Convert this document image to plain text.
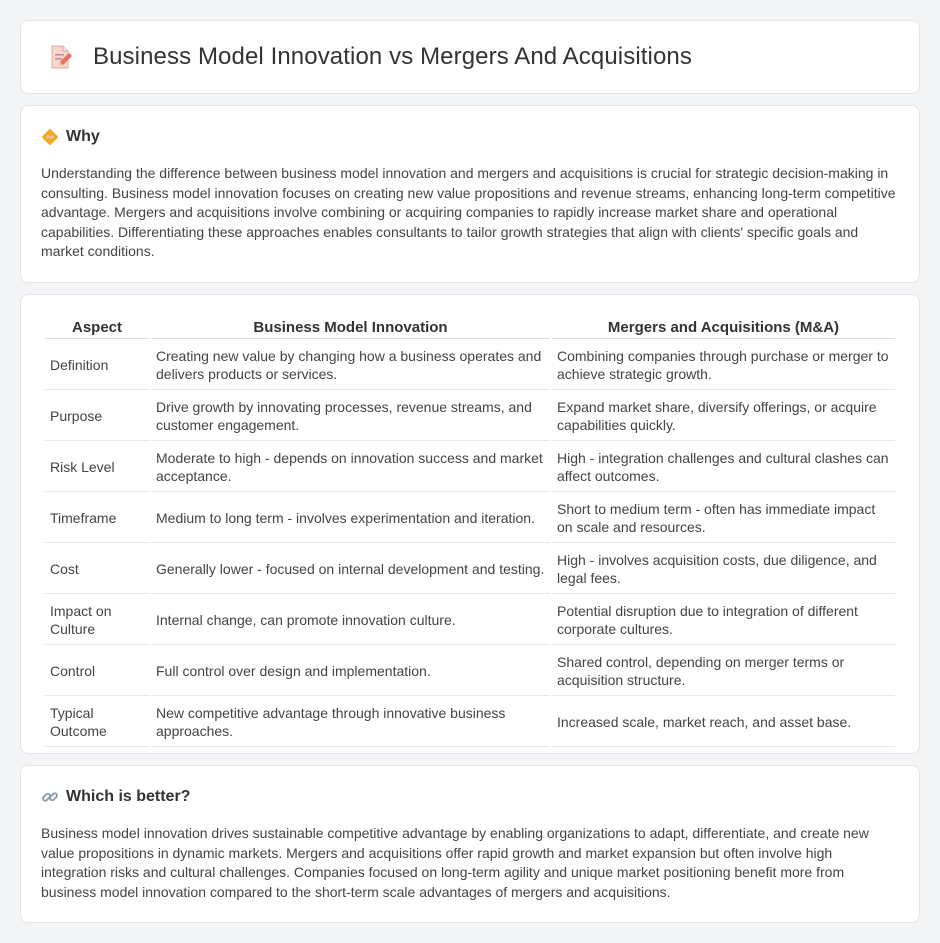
Business Model Innovation vs Mergers And Acquisitions
Why

Understanding the difference between business model innovation and mergers and acquisitions is crucial for strategic decision-making in consulting. Business model innovation focuses on creating new value propositions and revenue streams, enhancing long-term competitive advantage. Mergers and acquisitions involve combining or acquiring companies to rapidly increase market share and operational capabilities. Differentiating these approaches enables consultants to tailor growth strategies that align with clients' specific goals and market conditions.

Aspect	Business Model Innovation	Mergers and Acquisitions (M&A)
Definition	Creating new value by changing how a business operates and delivers products or services.	Combining companies through purchase or merger to achieve strategic growth.
Purpose	Drive growth by innovating processes, revenue streams, and customer engagement.	Expand market share, diversify offerings, or acquire capabilities quickly.
Risk Level	Moderate to high - depends on innovation success and market acceptance.	High - integration challenges and cultural clashes can affect outcomes.
Timeframe	Medium to long term - involves experimentation and iteration.	Short to medium term - often has immediate impact on scale and resources.
Cost	Generally lower - focused on internal development and testing.	High - involves acquisition costs, due diligence, and legal fees.
Impact on Culture	Internal change, can promote innovation culture.	Potential disruption due to integration of different corporate cultures.
Control	Full control over design and implementation.	Shared control, depending on merger terms or acquisition structure.
Typical Outcome	New competitive advantage through innovative business approaches.	Increased scale, market reach, and asset base.
Which is better?

Business model innovation drives sustainable competitive advantage by enabling organizations to adapt, differentiate, and create new value propositions in dynamic markets. Mergers and acquisitions offer rapid growth and market expansion but often involve high integration risks and cultural challenges. Companies focused on long-term agility and unique market positioning benefit more from business model innovation compared to the short-term scale advantages of mergers and acquisitions.
